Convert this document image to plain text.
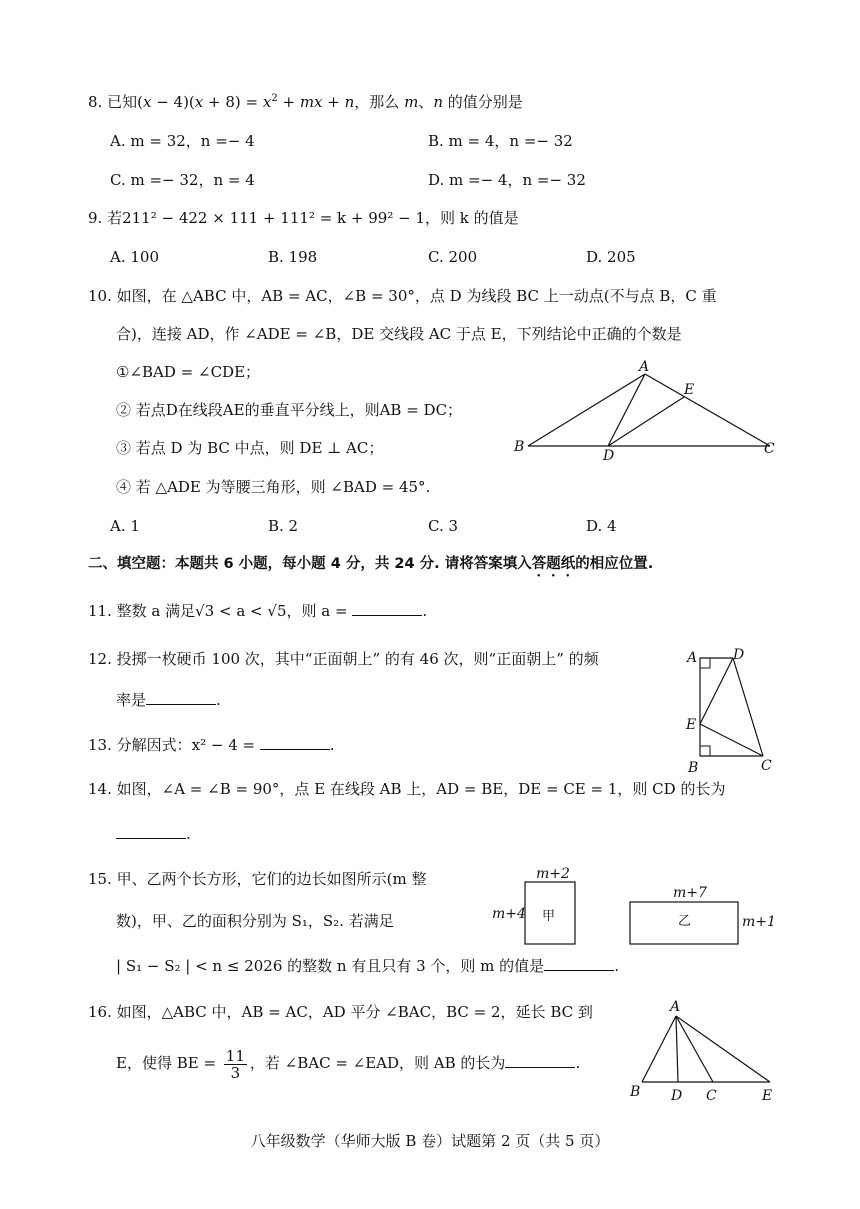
8. 已知$(x - 4)(x + 8) = x^2$ + mx + n，那么 m、n 的值分别是
A. m = 32，n =− 4	B. m = 4，n =− 32
C. m =− 32，n = 4	D. m =− 4，n =− 32
9. 若211² − 422 × 111 + 111² = k + 99² − 1，则 k 的值是
A. 100	B. 198	C. 200	D. 205
10. 如图，在 △ABC 中，AB = AC，∠B = 30°，点 D 为线段 BC 上一动点(不与点 B，C 重
合)，连接 AD，作 ∠ADE = ∠B，DE 交线段 AC 于点 E，下列结论中正确的个数是
①∠BAD = ∠CDE；
② 若点D在线段AE的垂直平分线上，则AB = DC；
③ 若点 D 为 BC 中点，则 DE ⊥ AC；
④ 若 △ADE 为等腰三角形，则 ∠BAD = 45°.
A. 1	B. 2	C. 3	D. 4
A
E
B
D	C
二、填空题：本题共 6 小题，每小题 4 分，共 24 分. 请将答案填入答题纸的相应位置.
11. 整数 a 满足√3 < a < √5，则 a =	.
12. 投掷一枚硬币 100 次，其中“正面朝上” 的有 46 次，则“正面朝上” 的频
率是	.
A	D
E
B	C
13. 分解因式：x² − 4 =	.
14. 如图，∠A = ∠B = 90°，点 E 在线段 AB 上，AD = BE，DE = CE = 1，则 CD 的长为
.
15. 甲、乙两个长方形，它们的边长如图所示(m 整
数)，甲、乙的面积分别为 S₁，S₂. 若满足
| S₁ − S₂ | < n ≤ 2026 的整数 n 有且只有 3 个，则 m 的值是	.
m+2
m+4 甲
m+7
m+1
乙
16. 如图，△ABC 中，AB = AC，AD 平分 ∠BAC，BC = 2，延长 BC 到
E，使得 BE = $\frac{11}{3}$ ，若 ∠BAC = ∠EAD，则 AB 的长为	.
A
B D C	E
八年级数学（华师大版 B 卷）试题第 2 页（共 5 页）
